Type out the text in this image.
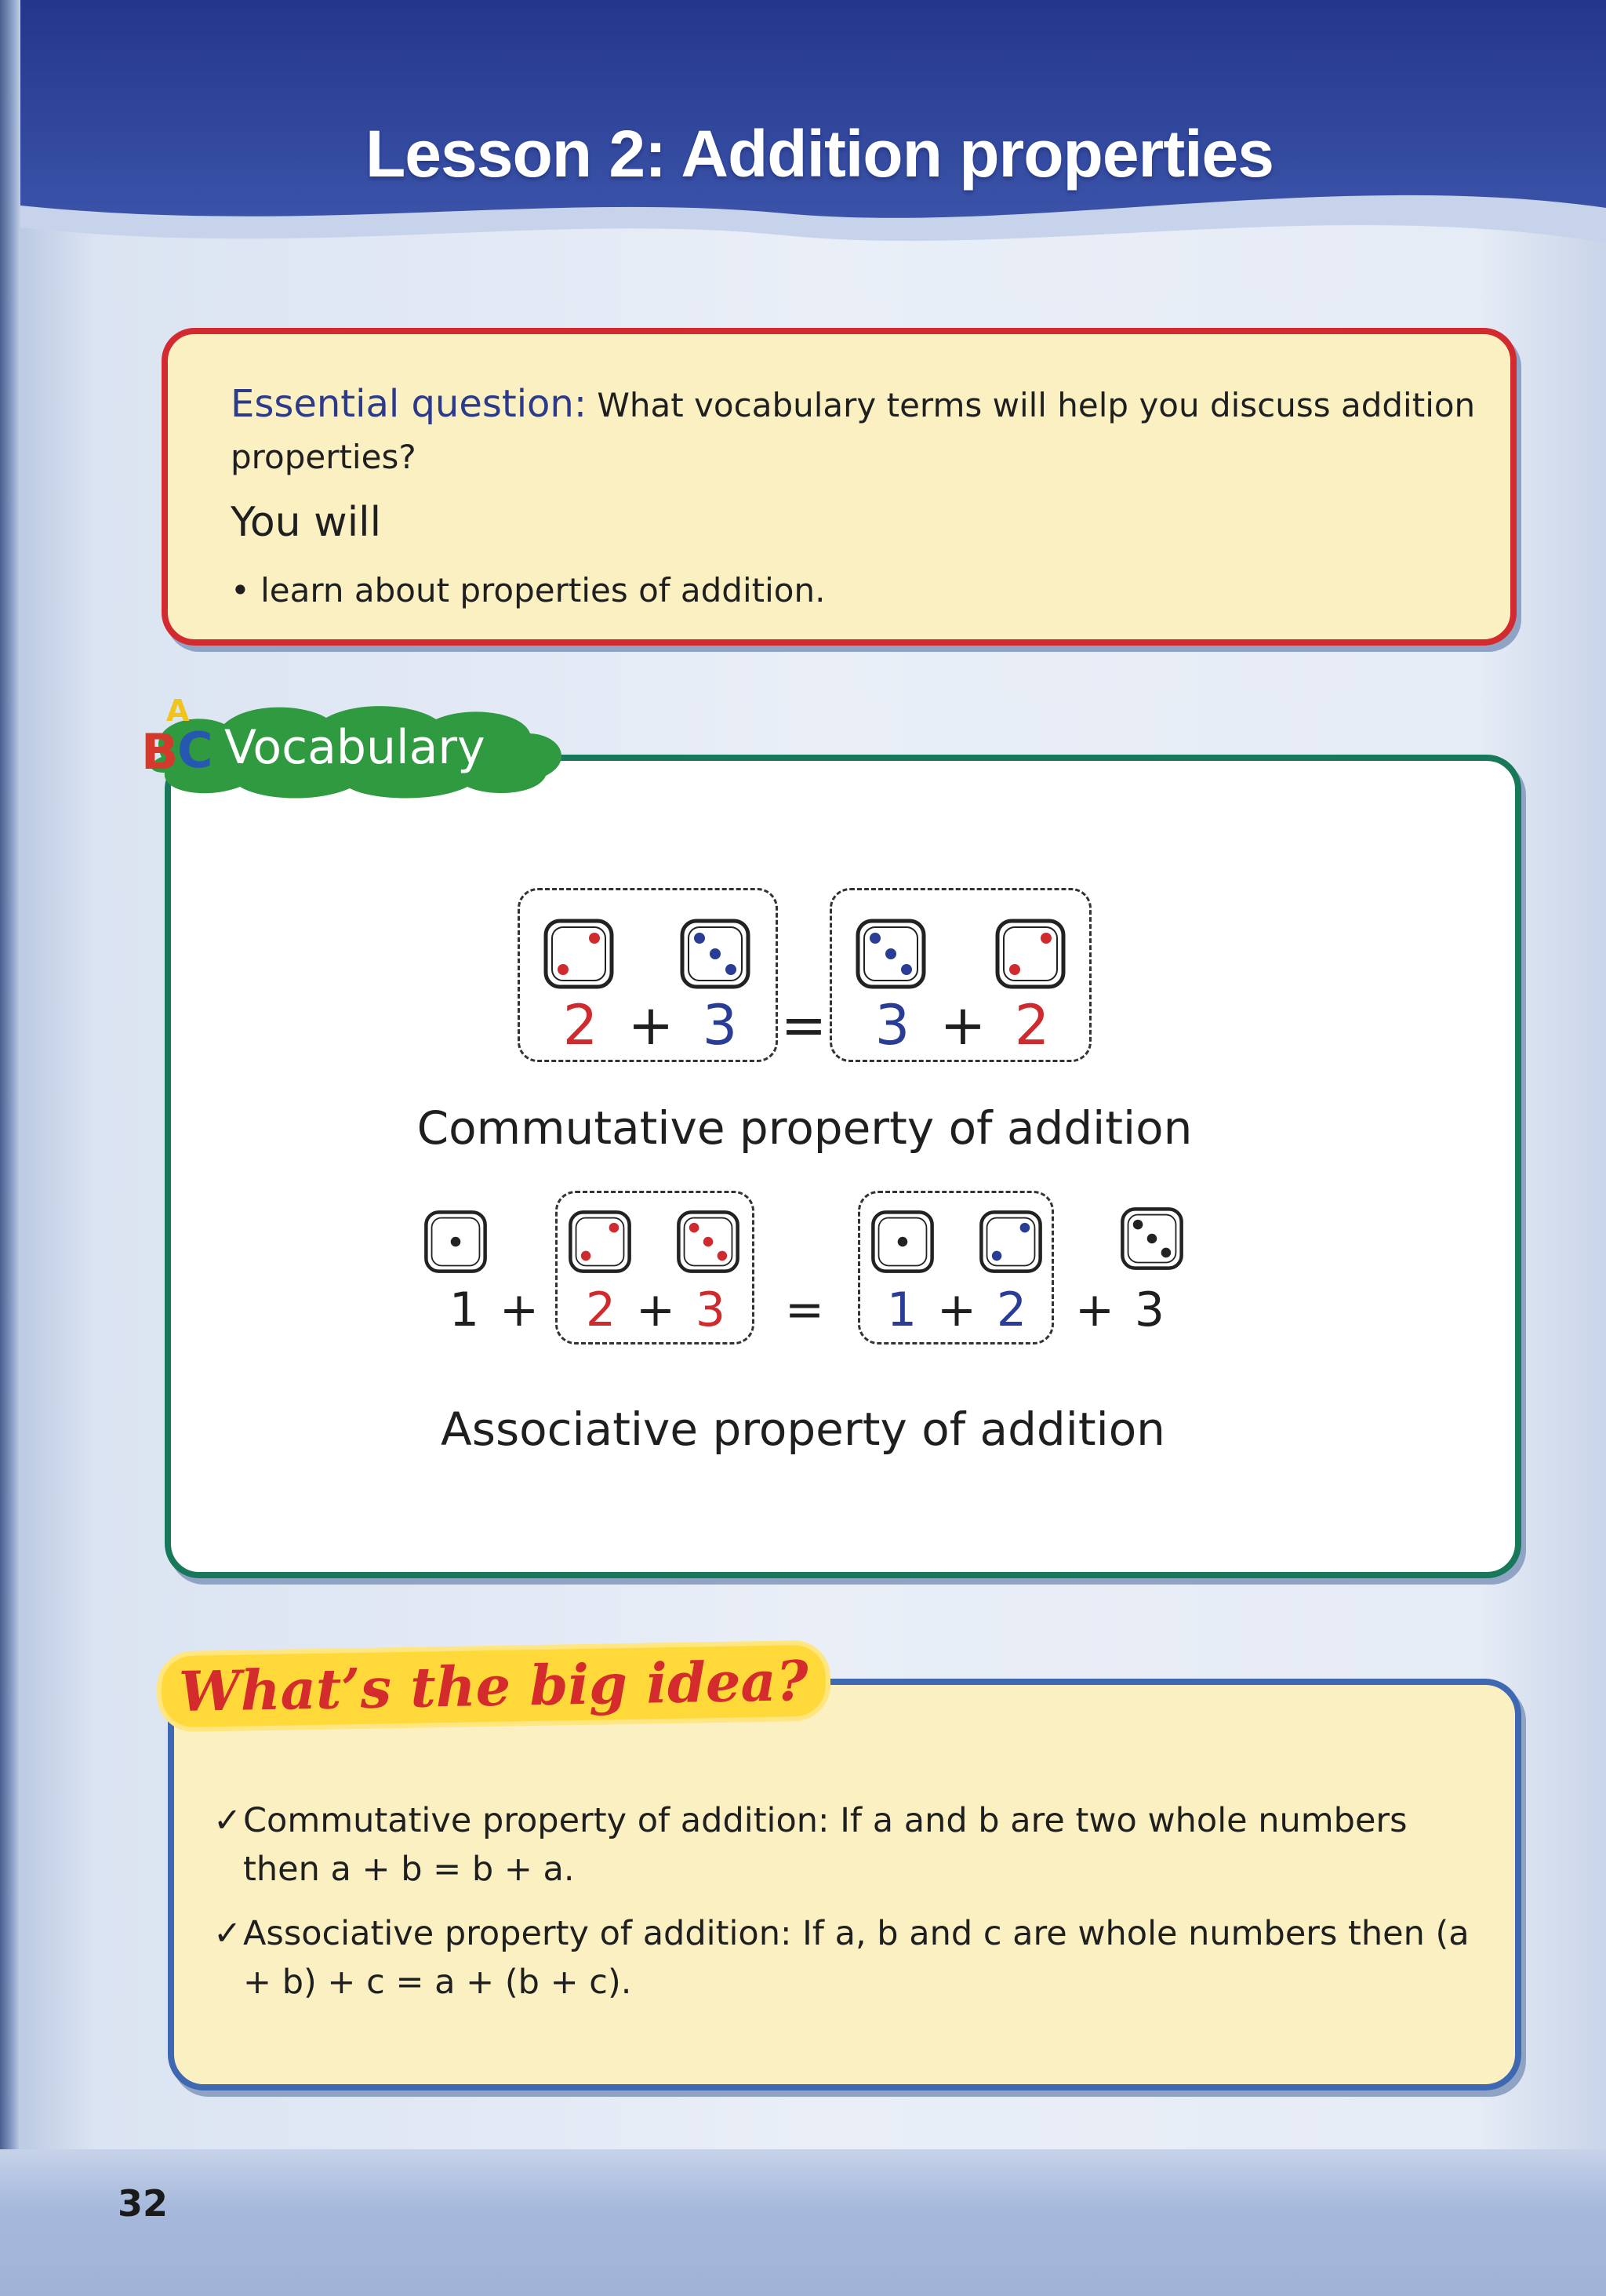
Lesson 2: Addition properties
Essential question: What vocabulary terms will help you discuss addition properties?
You will
• learn about properties of addition.
A
B
C Vocabulary
2 + 3 = 3 + 2
Commutative property of addition
1 + 2 + 3	=	1 + 2	+ 3
Associative property of addition
What’s the big idea?
✓ Commutative property of addition: If a and b are two whole numbers then a + b = b + a.
✓ Associative property of addition: If a, b and c are whole numbers then (a + b) + c = a + (b + c).
32
